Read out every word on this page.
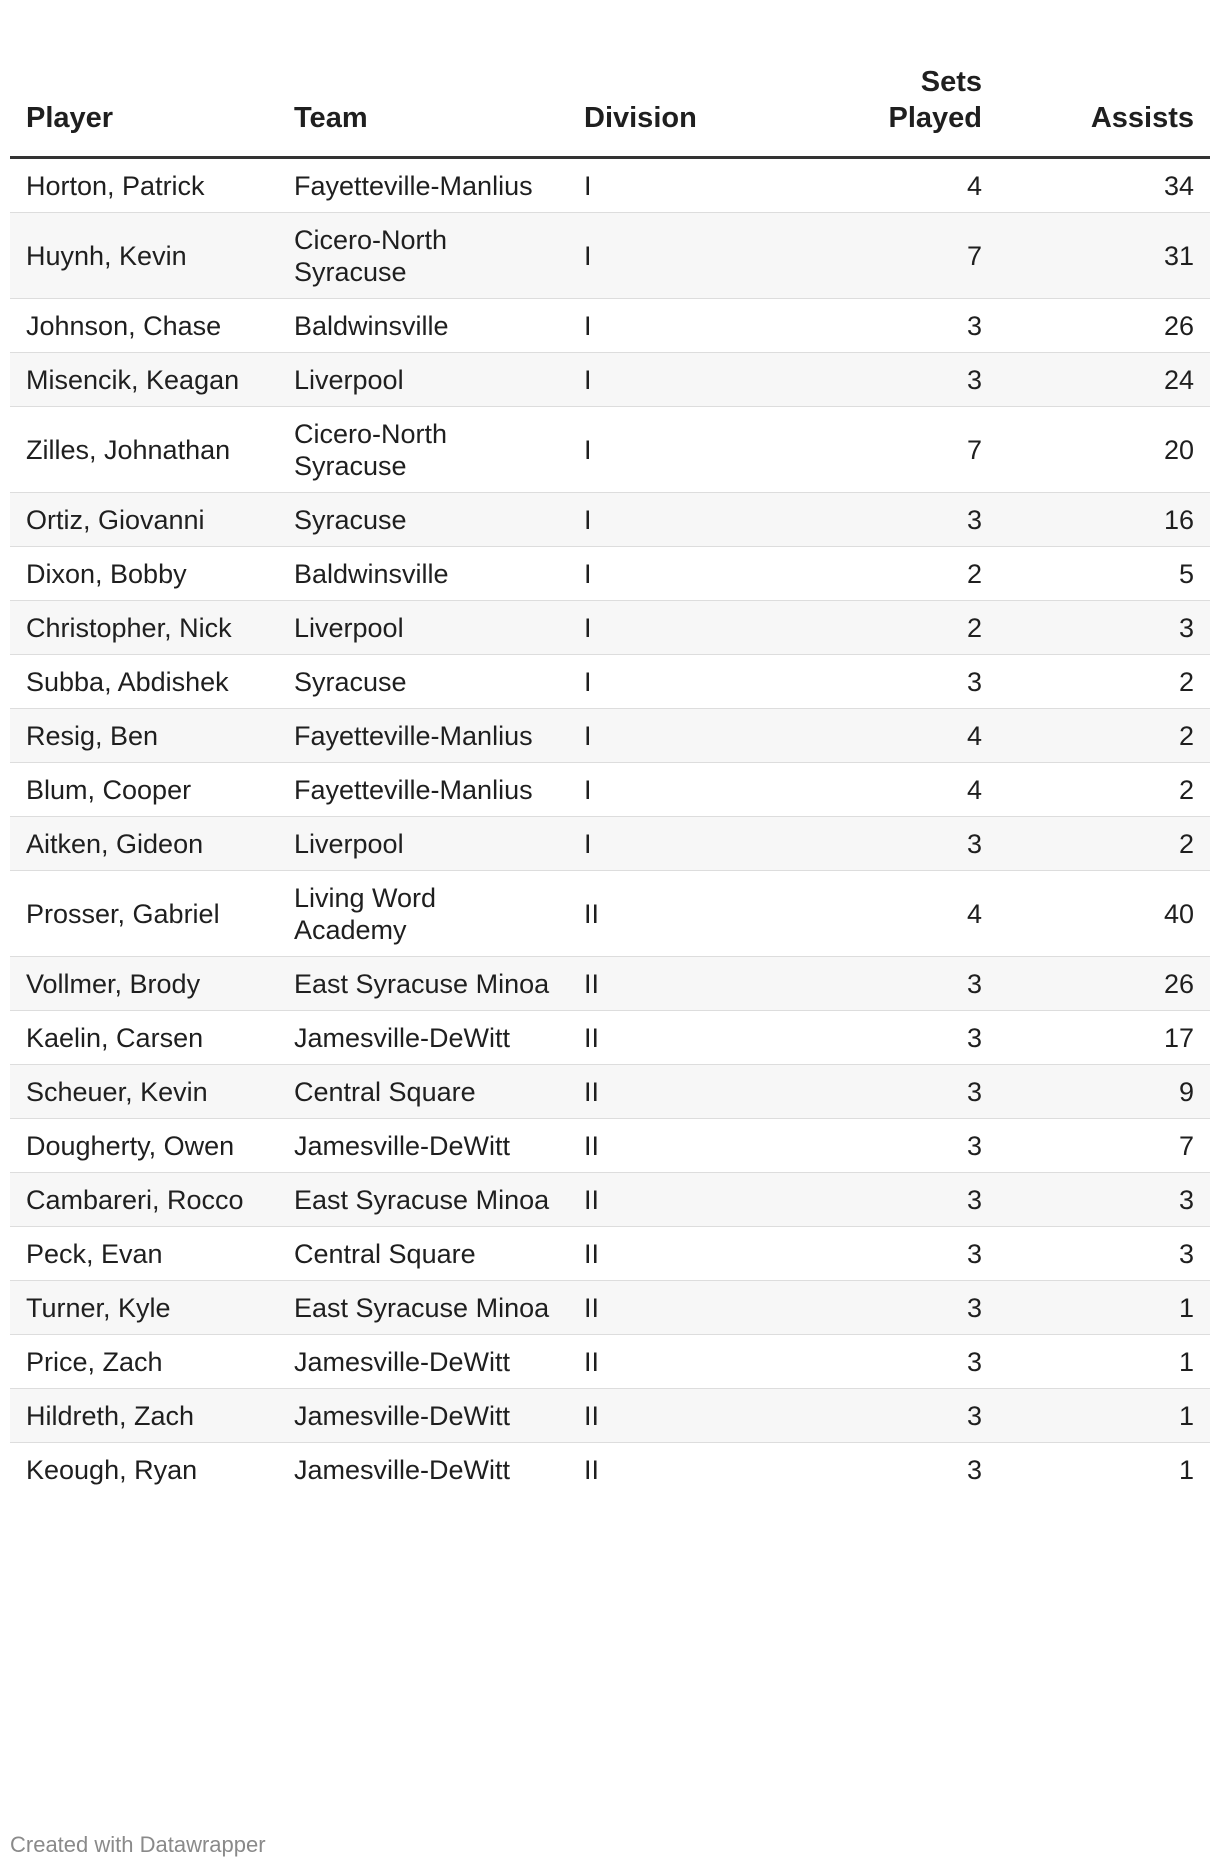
Player	Team	Division	Sets Played	Assists
Horton, Patrick	Fayetteville-Manlius	I	4	34
Huynh, Kevin	Cicero-North Syracuse	I	7	31
Johnson, Chase	Baldwinsville	I	3	26
Misencik, Keagan	Liverpool	I	3	24
Zilles, Johnathan	Cicero-North Syracuse	I	7	20
Ortiz, Giovanni	Syracuse	I	3	16
Dixon, Bobby	Baldwinsville	I	2	5
Christopher, Nick	Liverpool	I	2	3
Subba, Abdishek	Syracuse	I	3	2
Resig, Ben	Fayetteville-Manlius	I	4	2
Blum, Cooper	Fayetteville-Manlius	I	4	2
Aitken, Gideon	Liverpool	I	3	2
Prosser, Gabriel	Living Word Academy	II	4	40
Vollmer, Brody	East Syracuse Minoa	II	3	26
Kaelin, Carsen	Jamesville-DeWitt	II	3	17
Scheuer, Kevin	Central Square	II	3	9
Dougherty, Owen	Jamesville-DeWitt	II	3	7
Cambareri, Rocco	East Syracuse Minoa	II	3	3
Peck, Evan	Central Square	II	3	3
Turner, Kyle	East Syracuse Minoa	II	3	1
Price, Zach	Jamesville-DeWitt	II	3	1
Hildreth, Zach	Jamesville-DeWitt	II	3	1
Keough, Ryan	Jamesville-DeWitt	II	3	1
Created with Datawrapper
